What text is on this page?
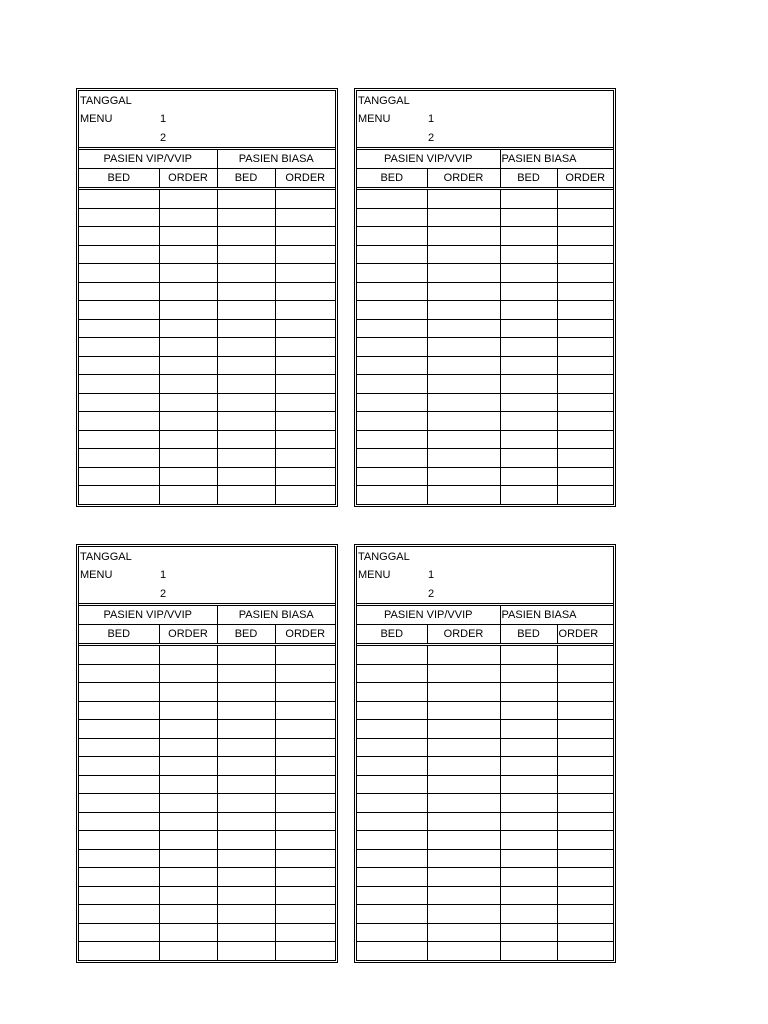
TANGGAL
MENU	1
2
PASIEN VIP/VVIP		PASIEN BIASA	
BED	ORDER	BED	ORDER

TANGGAL
MENU	1
2
PASIEN VIP/VVIP		PASIEN BIASA	
BED	ORDER	BED	ORDER

TANGGAL
MENU	1
2
PASIEN VIP/VVIP		PASIEN BIASA	
BED	ORDER	BED	ORDER

TANGGAL
MENU	1
2
PASIEN VIP/VVIP		PASIEN BIASA	
BED	ORDER	BED	ORDER
